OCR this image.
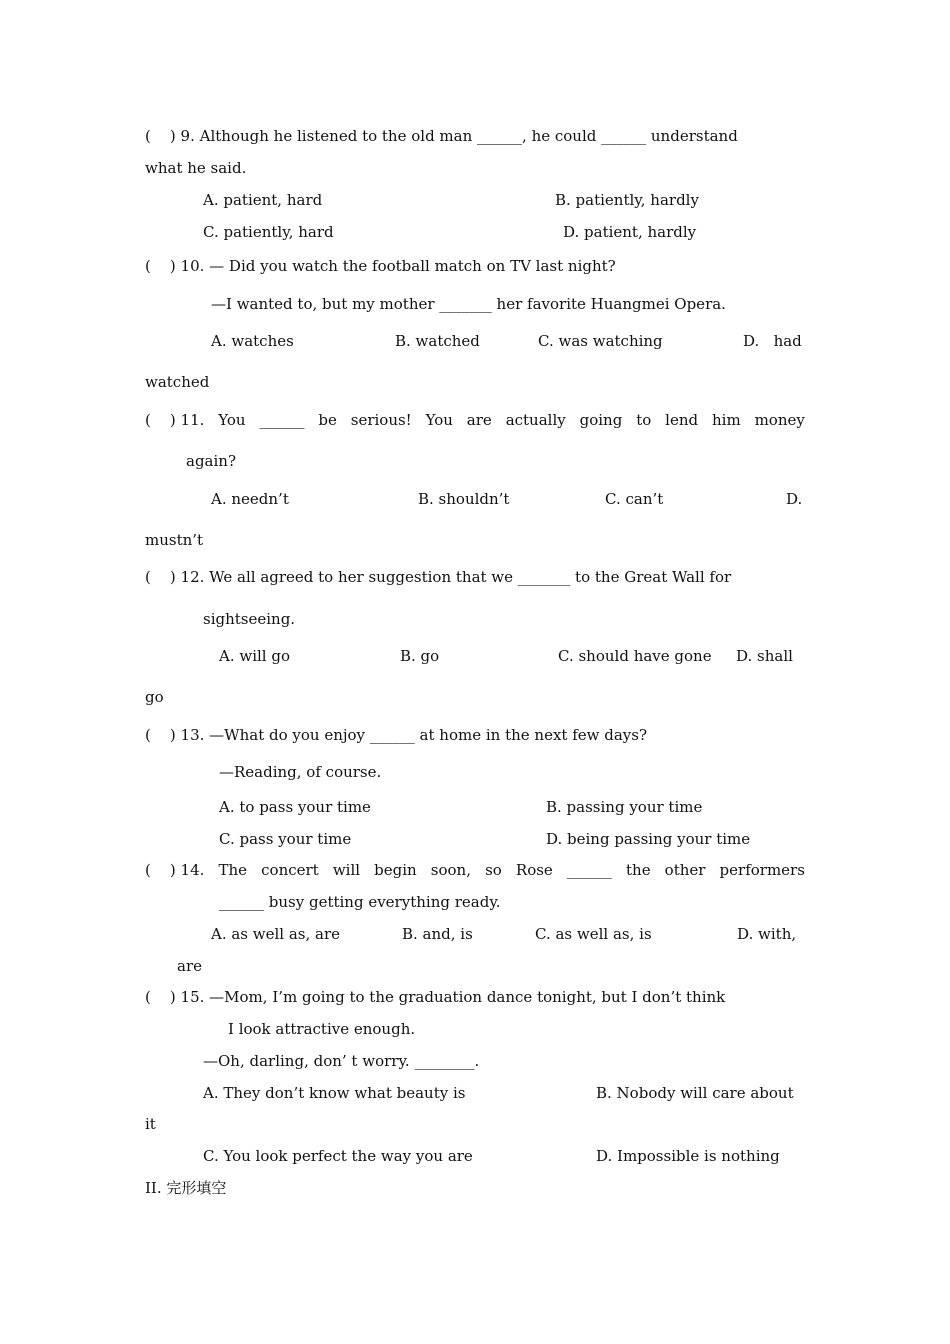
(    ) 9. Although he listened to the old man ______, he could ______ understand
what he said.
A. patient, hard	B. patiently, hardly
C. patiently, hard	D. patient, hardly
(    ) 10. — Did you watch the football match on TV last night?
—I wanted to, but my mother _______ her favorite Huangmei Opera.
A. watches	B. watched	C. was watching	D.   had
watched
(    ) 11. You ______ be serious! You are actually going to lend him money
again?
A. needn’t	B. shouldn’t	C. can’t	D.
mustn’t
(    ) 12. We all agreed to her suggestion that we _______ to the Great Wall for
sightseeing.
A. will go	B. go	C. should have gone D. shall
go
(    ) 13. —What do you enjoy ______ at home in the next few days?
—Reading, of course.
A. to pass your time	B. passing your time
C. pass your time	D. being passing your time
(    ) 14. The concert will begin soon, so Rose ______ the other performers
______ busy getting everything ready.
A. as well as, are	B. and, is	C. as well as, is	D. with,
are
(    ) 15. —Mom, I’m going to the graduation dance tonight, but I don’t think
I look attractive enough.
—Oh, darling, don’ t worry. ________.
A. They don’t know what beauty is	B. Nobody will care about
it
C. You look perfect the way you are	D. Impossible is nothing
II. 完形填空
